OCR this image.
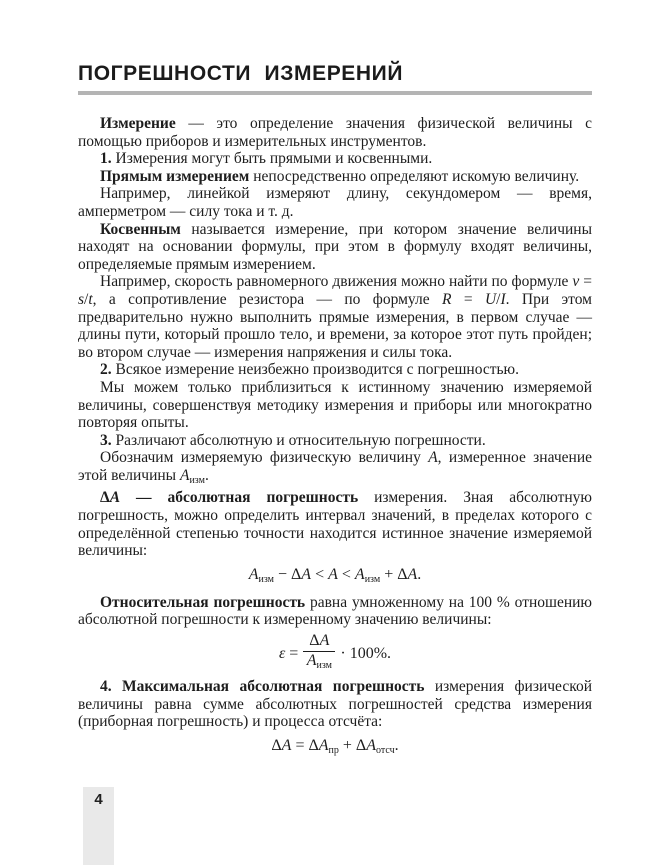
ПОГРЕШНОСТИ ИЗМЕРЕНИЙ

Измерение — это определение значения физической величины с помощью приборов и измерительных инструментов.

1. Измерения могут быть прямыми и косвенными.

Прямым измерением непосредственно определяют искомую величину.

Например, линейкой измеряют длину, секундомером — время, амперметром — силу тока и т. д.

Косвенным называется измерение, при котором значение величины находят на основании формулы, при этом в формулу входят величины, определяемые прямым измерением.

Например, скорость равномерного движения можно найти по формуле v = s/t, а сопротивление резистора — по формуле R = U/I. При этом предварительно нужно выполнить прямые измерения, в первом случае — длины пути, который прошло тело, и времени, за которое этот путь пройден; во втором случае — измерения напряжения и силы тока.

2. Всякое измерение неизбежно производится с погрешностью.

Мы можем только приблизиться к истинному значению измеряемой величины, совершенствуя методику измерения и приборы или многократно повторяя опыты.

3. Различают абсолютную и относительную погрешности.

Обозначим измеряемую физическую величину A, измеренное значение этой величины Aизм.

ΔA — абсолютная погрешность измерения. Зная абсолютную погрешность, можно определить интервал значений, в пределах которого с определённой степенью точности находится истинное значение измеряемой величины:

Aизм − ΔA < A < Aизм + ΔA.

Относительная погрешность равна умноженному на 100 % отношению абсолютной погрешности к измеренному значению величины:

$\varepsilon = \frac{\Delta A}{\text{Aизм}} \cdot 100\%$.

4. Максимальная абсолютная погрешность измерения физической величины равна сумме абсолютных погрешностей средства измерения (приборная погрешность) и процесса отсчёта:

ΔA = ΔAпр + ΔAотсч.
4
